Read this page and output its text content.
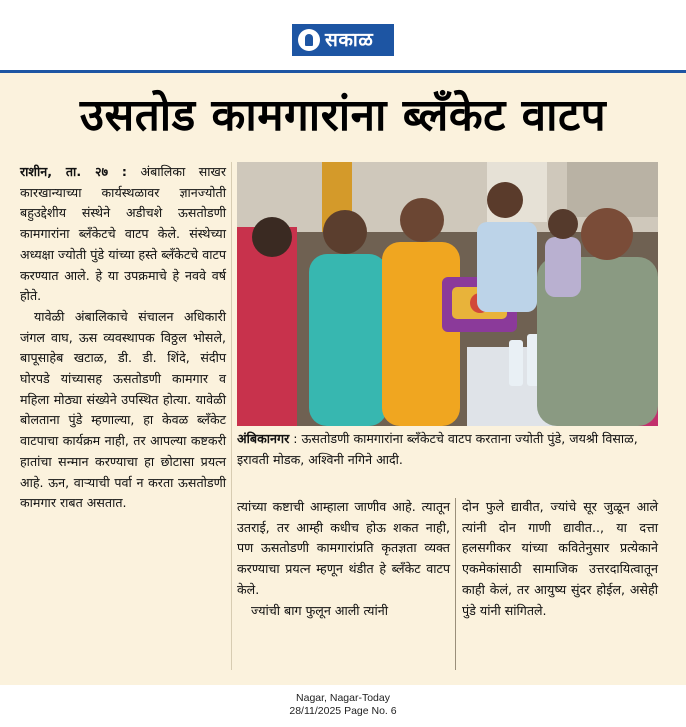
सकाळ
उसतोड कामगारांना ब्लँकेट वाटप

राशीन, ता. २७ : अंबालिका साखर कारखान्याच्या कार्यस्थळावर ज्ञानज्योती बहुउद्देशीय संस्थेने अडीचशे ऊसतोडणी कामगारांना ब्लँकेटचे वाटप केले. संस्थेच्या अध्यक्षा ज्योती पुंडे यांच्या हस्ते ब्लँकेटचे वाटप करण्यात आले. हे या उपक्रमाचे हे नववे वर्ष होते.

यावेळी अंबालिकाचे संचालन अधिकारी जंगल वाघ, ऊस व्यवस्थापक विठ्ठल भोसले, बापूसाहेब खटाळ, डी. डी. शिंदे, संदीप घोरपडे यांच्यासह ऊसतोडणी कामगार व महिला मोठ्या संख्येने उपस्थित होत्या. यावेळी बोलताना पुंडे म्हणाल्या, हा केवळ ब्लँकेट वाटपाचा कार्यक्रम नाही, तर आपल्या कष्टकरी हातांचा सन्मान करण्याचा हा छोटासा प्रयत्न आहे. ऊन, वाऱ्याची पर्वा न करता ऊसतोडणी कामगार राबत असतात.

अंबिकानगर : ऊसतोडणी कामगारांना ब्लँकेटचे वाटप करताना ज्योती पुंडे, जयश्री विसाळ, इरावती मोडक, अश्विनी नगिने आदी.

त्यांच्या कष्टाची आम्हाला जाणीव आहे. त्यातून उतराई, तर आम्ही कधीच होऊ शकत नाही, पण ऊसतोडणी कामगारांप्रति कृतज्ञता व्यक्त करण्याचा प्रयत्न म्हणून थंडीत हे ब्लँकेट वाटप केले.

ज्यांची बाग फुलून आली त्यांनी

दोन फुले द्यावीत, ज्यांचे सूर जुळून आले त्यांनी दोन गाणी द्यावीत.., या दत्ता हलसगीकर यांच्या कवितेनुसार प्रत्येकाने एकमेकांसाठी सामाजिक उत्तरदायित्वातून काही केलं, तर आयुष्य सुंदर होईल, असेही पुंडे यांनी सांगितले.

Nagar, Nagar-Today
28/11/2025 Page No. 6
